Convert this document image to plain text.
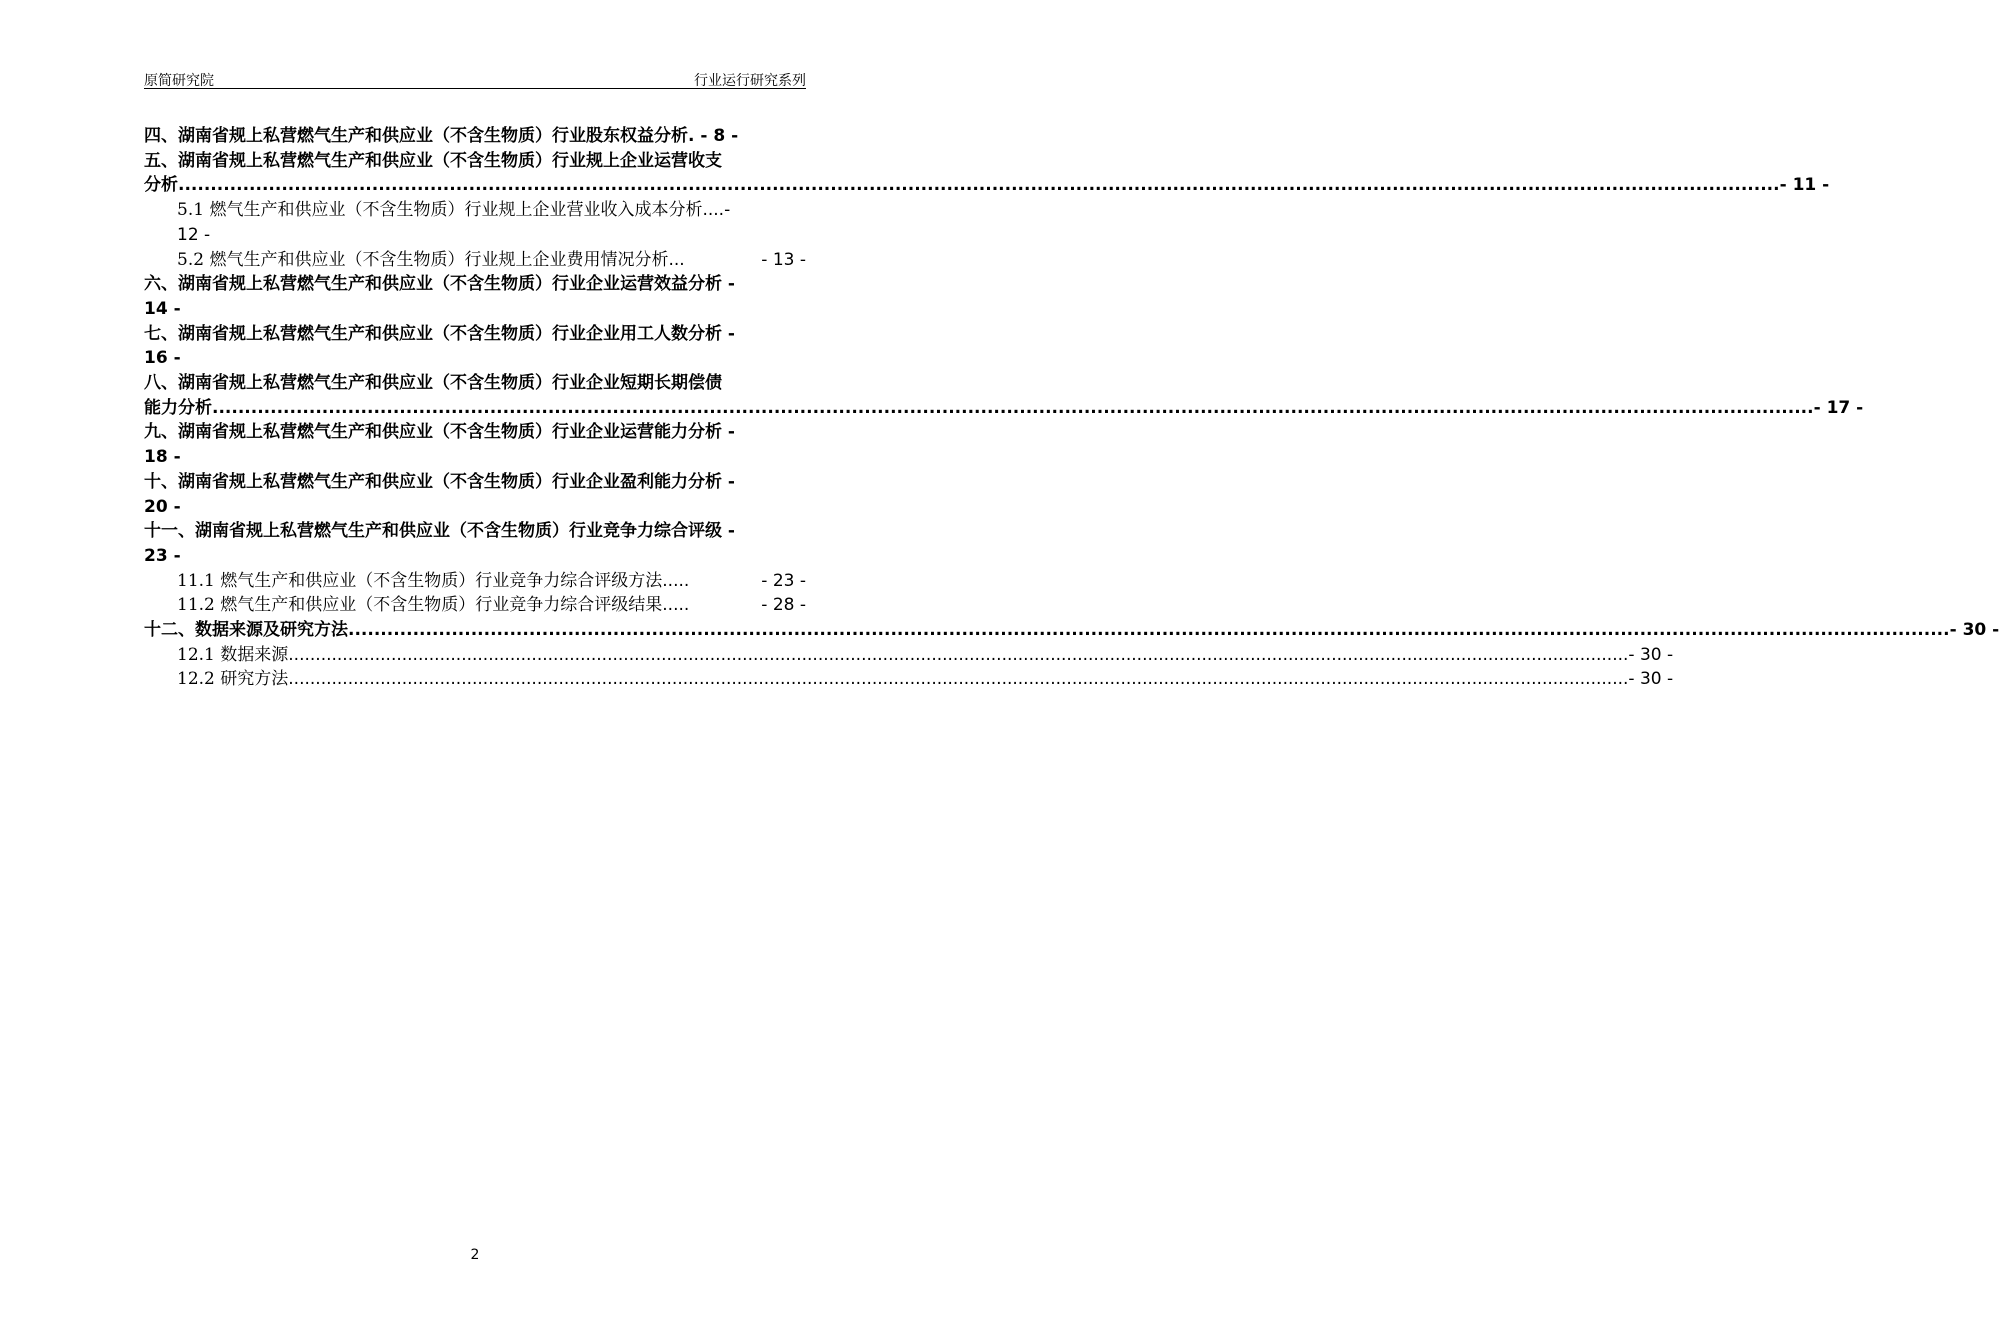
原简研究院	行业运行研究系列
四、湖南省规上私营燃气生产和供应业（不含生物质）行业股东权益分析. - 8 -
五、湖南省规上私营燃气生产和供应业（不含生物质）行业规上企业运营收支
分析 .....	- 11 -
5.1 燃气生产和供应业（不含生物质）行业规上企业营业收入成本分析....-
12 -
5.2 燃气生产和供应业（不含生物质）行业规上企业费用情况分析...	- 13 -
六、湖南省规上私营燃气生产和供应业（不含生物质）行业企业运营效益分析 -
14 -
七、湖南省规上私营燃气生产和供应业（不含生物质）行业企业用工人数分析 -
16 -
八、湖南省规上私营燃气生产和供应业（不含生物质）行业企业短期长期偿债
能力分析 .....	- 17 -
九、湖南省规上私营燃气生产和供应业（不含生物质）行业企业运营能力分析 -
18 -
十、湖南省规上私营燃气生产和供应业（不含生物质）行业企业盈利能力分析 -
20 -
十一、湖南省规上私营燃气生产和供应业（不含生物质）行业竞争力综合评级 -
23 -
11.1 燃气生产和供应业（不含生物质）行业竞争力综合评级方法.....	- 23 -
11.2 燃气生产和供应业（不含生物质）行业竞争力综合评级结果.....	- 28 -
十二、数据来源及研究方法 .....	- 30 -
12.1 数据来源 .....	- 30 -
12.2 研究方法 .....	- 30 -
2
